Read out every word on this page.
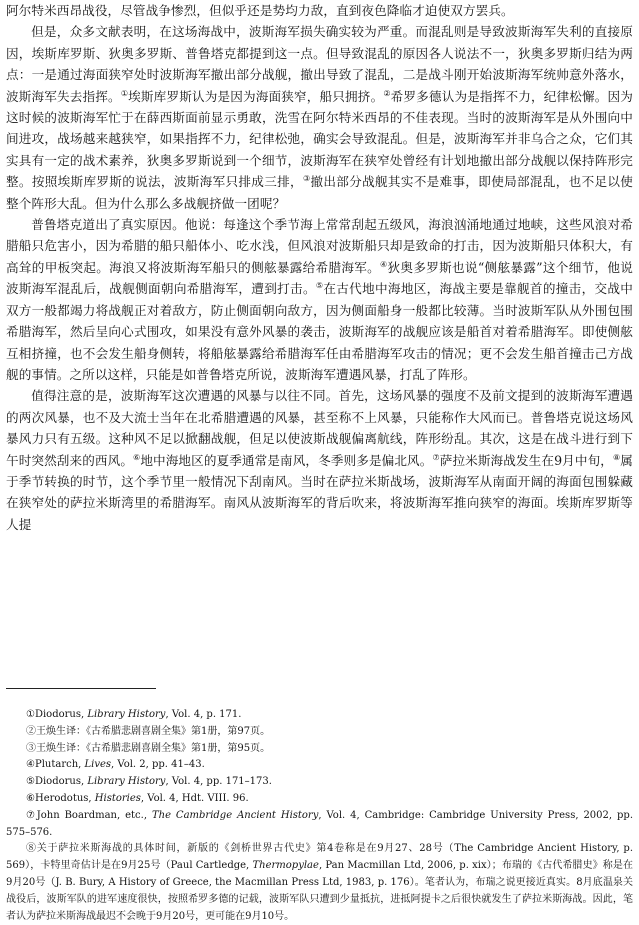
阿尔特米西昂战役，尽管战争惨烈，但似乎还是势均力敌，直到夜色降临才迫使双方罢兵。

但是，众多文献表明，在这场海战中，波斯海军损失确实较为严重。而混乱则是导致波斯海军失利的直接原因，埃斯库罗斯、狄奥多罗斯、普鲁塔克都提到这一点。但导致混乱的原因各人说法不一，狄奥多罗斯归结为两点：一是通过海面狭窄处时波斯海军撤出部分战舰，撤出导致了混乱，二是战斗刚开始波斯海军统帅意外落水，波斯海军失去指挥。①埃斯库罗斯认为是因为海面狭窄，船只拥挤。②希罗多德认为是指挥不力，纪律松懈。因为这时候的波斯海军忙于在薛西斯面前显示勇敢，洗雪在阿尔特米西昂的不佳表现。当时的波斯海军是从外围向中间进攻，战场越来越狭窄，如果指挥不力，纪律松弛，确实会导致混乱。但是，波斯海军并非乌合之众，它们其实具有一定的战术素养，狄奥多罗斯说到一个细节，波斯海军在狭窄处曾经有计划地撤出部分战舰以保持阵形完整。按照埃斯库罗斯的说法，波斯海军只排成三排，③撤出部分战舰其实不是难事，即使局部混乱，也不足以使整个阵形大乱。但为什么那么多战舰挤做一团呢？

普鲁塔克道出了真实原因。他说：每逢这个季节海上常常刮起五级风，海浪汹涌地通过地峡，这些风浪对希腊船只危害小，因为希腊的船只船体小、吃水浅，但风浪对波斯船只却是致命的打击，因为波斯船只体积大，有高耸的甲板突起。海浪又将波斯海军船只的侧舷暴露给希腊海军。④狄奥多罗斯也说“侧舷暴露”这个细节，他说波斯海军混乱后，战舰侧面朝向希腊海军，遭到打击。⑤在古代地中海地区，海战主要是靠舰首的撞击，交战中双方一般都竭力将战舰正对着敌方，防止侧面朝向敌方，因为侧面船身一般都比较薄。当时波斯军队从外围包围希腊海军，然后呈向心式围攻，如果没有意外风暴的袭击，波斯海军的战舰应该是船首对着希腊海军。即使侧舷互相挤撞，也不会发生船身侧转，将船舷暴露给希腊海军任由希腊海军攻击的情况；更不会发生船首撞击己方战舰的事情。之所以这样，只能是如普鲁塔克所说，波斯海军遭遇风暴，打乱了阵形。

值得注意的是，波斯海军这次遭遇的风暴与以往不同。首先，这场风暴的强度不及前文提到的波斯海军遭遇的两次风暴，也不及大流士当年在北希腊遭遇的风暴，甚至称不上风暴，只能称作大风而已。普鲁塔克说这场风暴风力只有五级。这种风不足以掀翻战舰，但足以使波斯战舰偏离航线，阵形纷乱。其次，这是在战斗进行到下午时突然刮来的西风。⑥地中海地区的夏季通常是南风，冬季则多是偏北风。⑦萨拉米斯海战发生在9月中旬，⑧属于季节转换的时节，这个季节里一般情况下刮南风。当时在萨拉米斯战场，波斯海军从南面开阔的海面包围躲藏在狭窄处的萨拉米斯湾里的希腊海军。南风从波斯海军的背后吹来，将波斯海军推向狭窄的海面。埃斯库罗斯等人提

①Diodorus, Library History, Vol. 4, p. 171.

②王焕生译：《古希腊悲剧喜剧全集》第1册，第97页。

③王焕生译：《古希腊悲剧喜剧全集》第1册，第95页。

④Plutarch, Lives, Vol. 2, pp. 41–43.

⑤Diodorus, Library History, Vol. 4, pp. 171–173.

⑥Herodotus, Histories, Vol. 4, Hdt. VIII. 96.

⑦John Boardman, etc., The Cambridge Ancient History, Vol. 4, Cambridge: Cambridge University Press, 2002, pp. 575–576.

⑧关于萨拉米斯海战的具体时间，新版的《剑桥世界古代史》第4卷称是在9月27、28号（The Cambridge Ancient History, p. 569），卡特里奇估计是在9月25号（Paul Cartledge, Thermopylae, Pan Macmillan Ltd, 2006, p. xix）；布瑞的《古代希腊史》称是在9月20号（J. B. Bury, A History of Greece, the Macmillan Press Ltd, 1983, p. 176）。笔者认为，布瑞之说更接近真实。8月底温泉关战役后，波斯军队的进军速度很快，按照希罗多德的记载，波斯军队只遭到少量抵抗，进抵阿提卡之后很快就发生了萨拉米斯海战。因此，笔者认为萨拉米斯海战最迟不会晚于9月20号，更可能在9月10号。
